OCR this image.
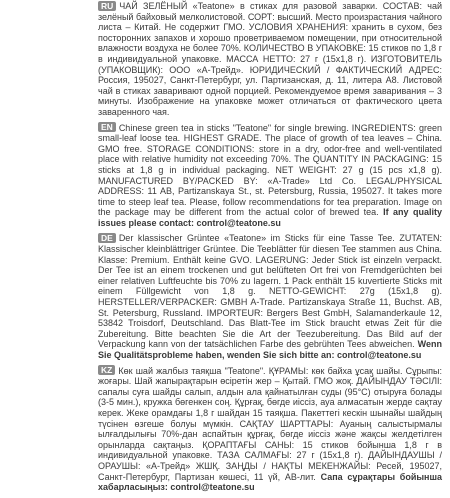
RU ЧАЙ ЗЕЛЁНЫЙ «Teatone» в стиках для разовой заварки. СОСТАВ: чай зелёный байховый мелколистовой. СОРТ: высший. Место произрастания чайного листа – Китай. Не содержит ГМО. УСЛОВИЯ ХРАНЕНИЯ: хранить в сухом, без посторонних запахов и хорошо проветриваемом помещении, при относительной влажности воздуха не более 70%. КОЛИЧЕСТВО В УПАКОВКЕ: 15 стиков по 1,8 г в индивидуальной упаковке. МАССА НЕТТО: 27 г (15х1,8 г). ИЗГОТОВИТЕЛЬ (УПАКОВЩИК): ООО «А-Трейд». ЮРИДИЧЕСКИЙ / ФАКТИЧЕСКИЙ АДРЕС: Россия, 195027, Санкт-Петербург, ул. Партизанская, д. 11, литера А8. Листовой чай в стиках заваривают одной порцией. Рекомендуемое время заваривания – 3 минуты. Изображение на упаковке может отличаться от фактического цвета заваренного чая.

EN Chinese green tea in sticks "Teatone" for single brewing. INGREDIENTS: green small-leaf loose tea. HIGHEST GRADE. The place of growth of tea leaves – China. GMO free. STORAGE CONDITIONS: store in a dry, odor-free and well-ventilated place with relative humidity not exceeding 70%. The QUANTITY IN PACKAGING: 15 sticks at 1,8 g in individual packaging. NET WEIGHT: 27 g (15 pcs x1,8 g). MANUFACTURED BY/PACKED BY: «A-Trade» Ltd Co. LEGAL/PHYSICAL ADDRESS: 11 AB, Partizanskaya St., st. Petersburg, Russia, 195027. It takes more time to steep leaf tea. Please, follow recommendations for tea preparation. Image on the package may be different from the actual color of brewed tea. If any quality issues please contact: control@teatone.su

DE Der klassischer Grüntee «Teatone» im Sticks für eine Tasse Tee. ZUTATEN: Klassischer kleinblättriger Grüntee. Die Teeblätter für diesen Tee stammen aus China. Klasse: Premium. Enthält keine GVO. LAGERUNG: Jeder Stick ist einzeln verpackt. Der Tee ist an einem trockenen und gut belüfteten Ort frei von Fremdgerüchten bei einer relativen Luftfeuchte bis 70% zu lagern. 1 Pack enthält 15 kuvertierte Sticks mit einem Füllgewicht von 1,8 g. NETTO-GEWICHT: 27g (15x1,8 g). HERSTELLER/VERPACKER: GMBH A-Trade. Partizanskaya Straße 11, Buchst. AB, St. Petersburg, Russland. IMPORTEUR: Bergers Best GmbH, Salamanderkaule 12, 53842 Troisdorf, Deutschland. Das Blatt-Tee im Stick braucht etwas Zeit für die Zubereitung. Bitte beachten Sie die Art der Teezubereitung. Das Bild auf der Verpackung kann von der tatsächlichen Farbe des gebrühten Tees abweichen. Wenn Sie Qualitätsprobleme haben, wenden Sie sich bitte an: control@teatone.su

KZ Көк шай жалбыз таяқша "Teatone". ҚҰРАМЫ: көк байха ұсақ шайы. Сұрыпы: жоғары. Шай жапырақтарын өсіретін жер – Қытай. ГМО жоқ. ДАЙЫНДАУ ТӘСІЛІ: сапалы суға шайды салып, алдын ала қайнатылған суды (95°С) отыруға болады (3-5 мин.), кружка бөгенкен соң. Құрғақ, бөгде иіссіз, ауа алмасатын жерде сақтау керек. Жеке орамдағы 1,8 г шайдан 15 таяқша. Пакеттегі кескін шынайы шайдың түсінен өзгеше болуы мүмкін. САҚТАУ ШАРТТАРЫ: Ауаның салыстырмалы ылғалдылығы 70%-дан аспайтын құрғақ, бөгде иіссіз және жақсы желдетілген орынларда сақтаңыз. ҚОРАПТАҒЫ САНЫ: 15 стиков бойынша 1,8 г в индивидуальной упаковке. ТАЗА САЛМАҒЫ: 27 г (15х1,8 г). ДАЙЫНДАУШЫ / ОРАУШЫ: «А-Трейд» ЖШҚ. ЗАҢДЫ / НАҚТЫ МЕКЕНЖАЙЫ: Ресей, 195027, Санкт-Петербург, Партизан көшесі, 11 үй, АВ-лит. Сапа сұрақтары бойынша хабарласыңыз: control@teatone.su
